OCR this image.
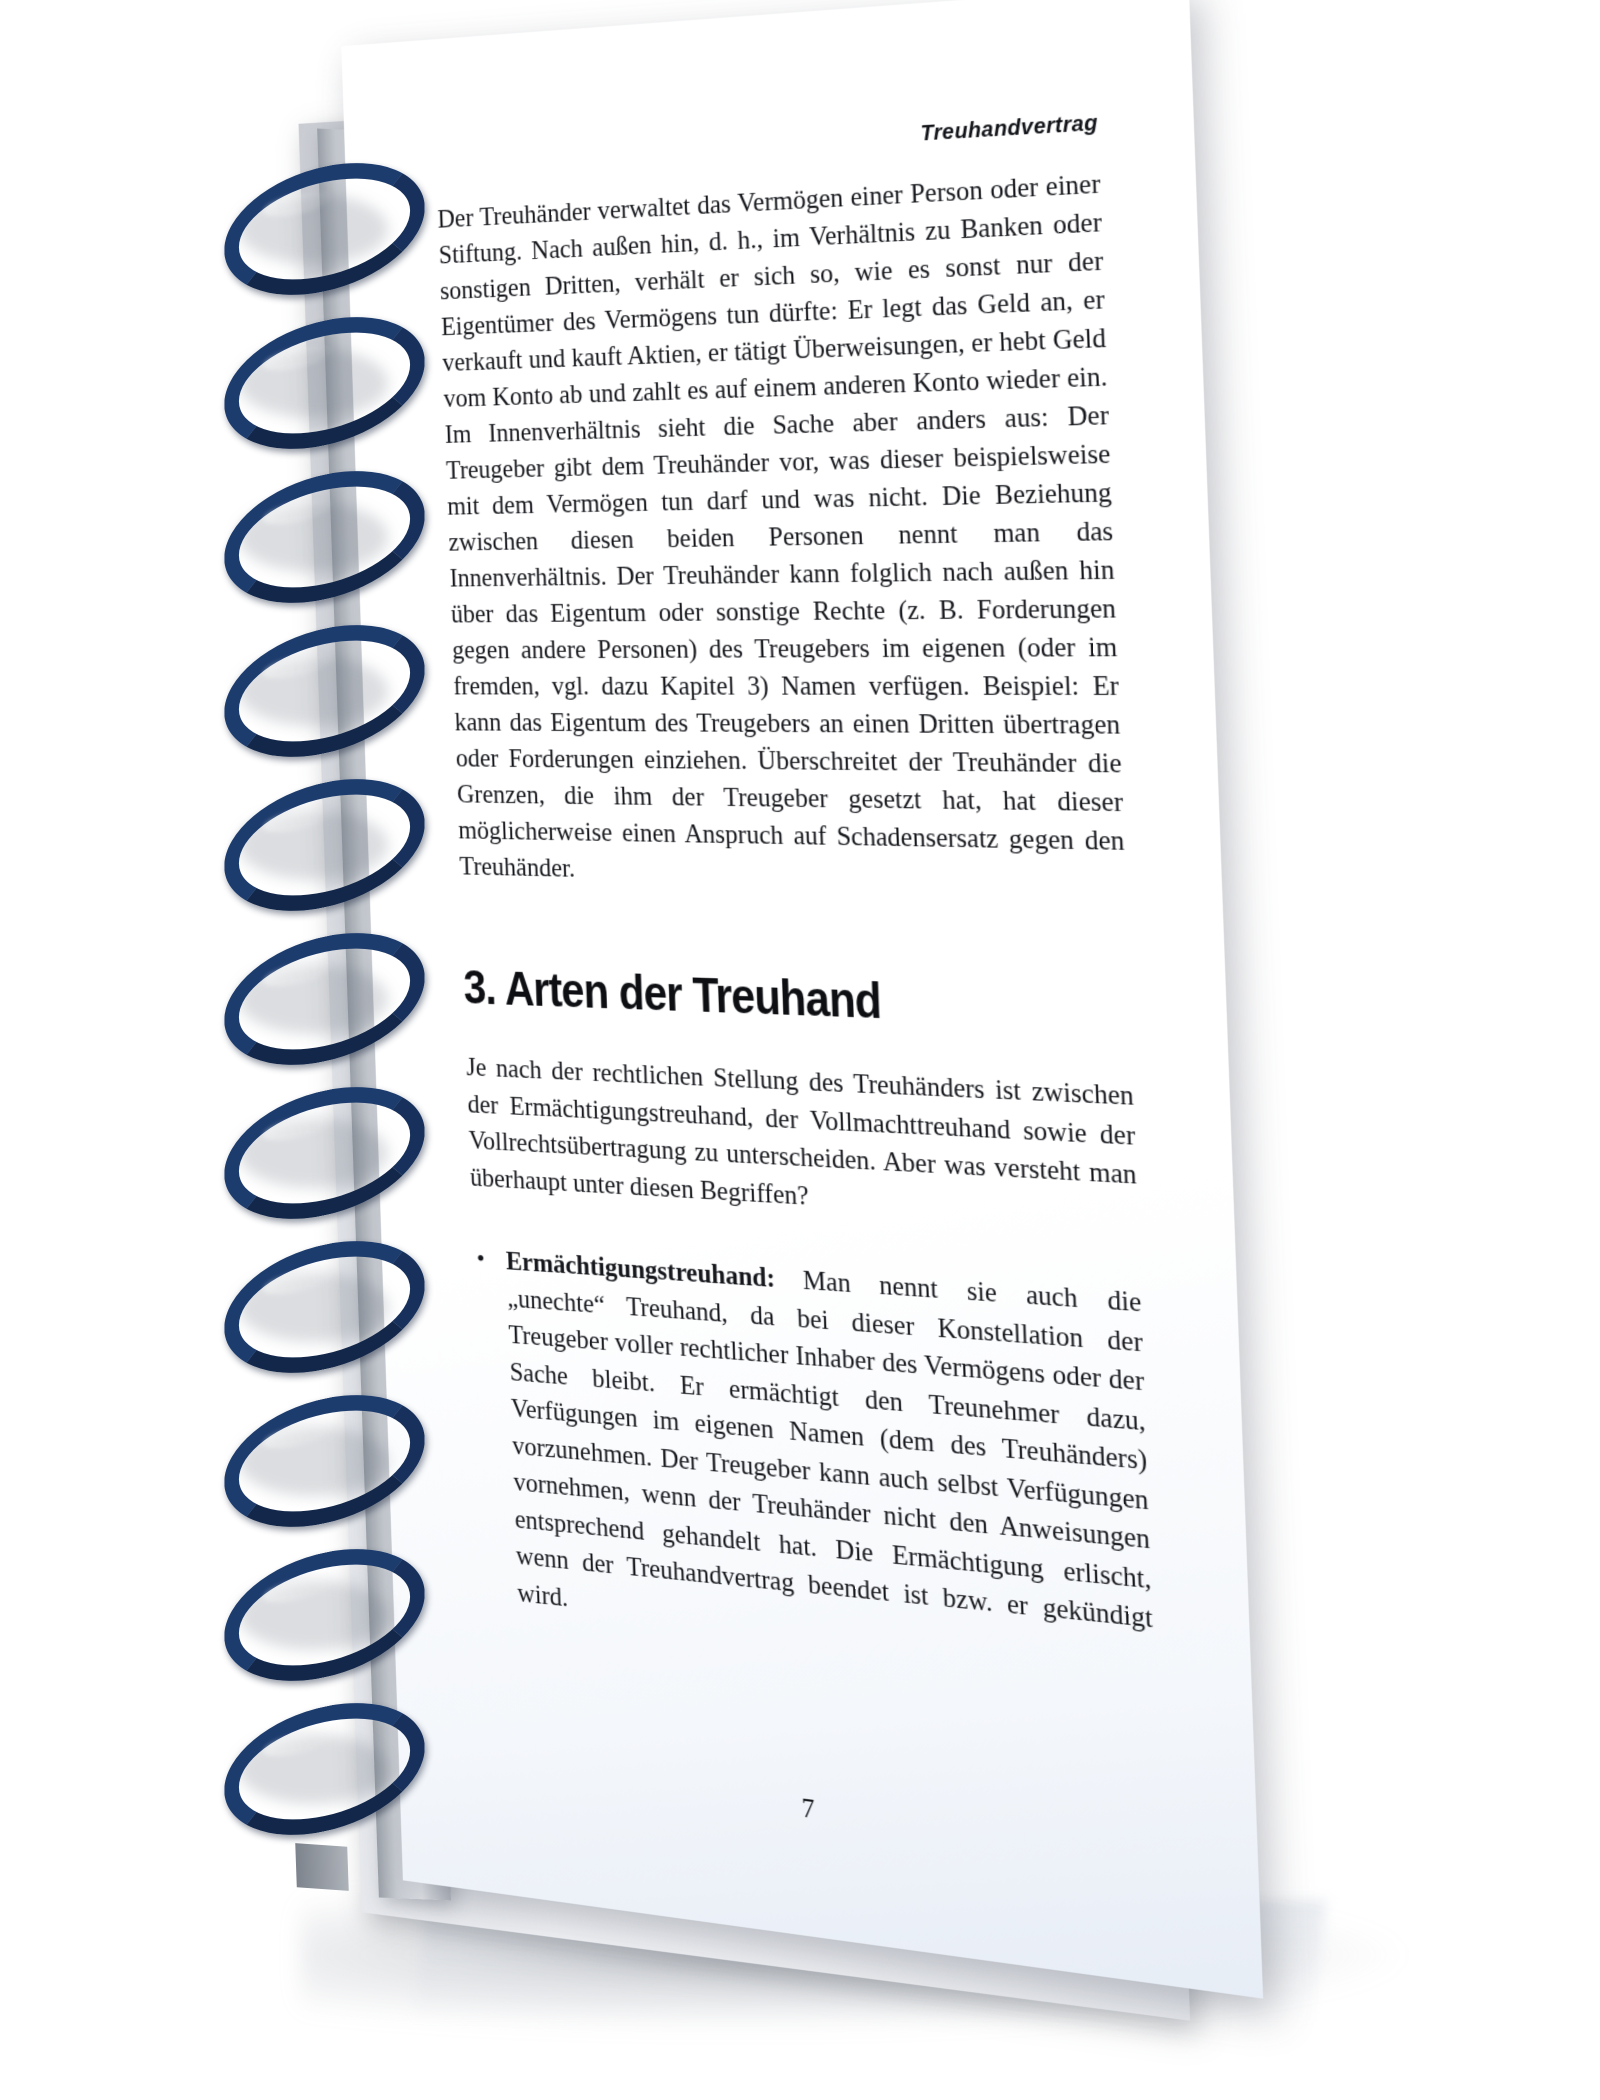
Treuhandvertrag

Der Treuhänder verwaltet das Vermögen einer Person oder einer Stiftung. Nach außen hin, d. h., im Verhältnis zu Banken oder sonstigen Dritten, verhält er sich so, wie es sonst nur der Eigentümer des Vermögens tun dürfte: Er legt das Geld an, er verkauft und kauft Aktien, er tätigt Überweisungen, er hebt Geld vom Konto ab und zahlt es auf einem anderen Konto wieder ein. Im Innenverhältnis sieht die Sache aber anders aus: Der Treugeber gibt dem Treuhänder vor, was dieser beispielsweise mit dem Vermögen tun darf und was nicht. Die Beziehung zwischen diesen beiden Personen nennt man das Innenverhältnis. Der Treuhänder kann folglich nach außen hin über das Eigentum oder sonstige Rechte (z. B. Forderungen gegen andere Personen) des Treugebers im eigenen (oder im fremden, vgl. dazu Kapitel 3) Namen verfügen. Beispiel: Er kann das Eigentum des Treugebers an einen Dritten übertragen oder Forderungen einziehen. Überschreitet der Treuhänder die Grenzen, die ihm der Treugeber gesetzt hat, hat dieser möglicherweise einen Anspruch auf Schadensersatz gegen den Treuhänder.

3. Arten der Treuhand

Je nach der rechtlichen Stellung des Treuhänders ist zwischen der Ermächtigungstreuhand, der Vollmachttreuhand sowie der Vollrechtsübertragung zu unterscheiden. Aber was versteht man überhaupt unter diesen Begriffen?

• Ermächtigungstreuhand: Man nennt sie auch die „unechte“ Treuhand, da bei dieser Konstellation der Treugeber voller rechtlicher Inhaber des Vermögens oder der Sache bleibt. Er ermächtigt den Treunehmer dazu, Verfügungen im eigenen Namen (dem des Treuhänders) vorzunehmen. Der Treugeber kann auch selbst Verfügungen vornehmen, wenn der Treuhänder nicht den Anweisungen entsprechend gehandelt hat. Die Ermächtigung erlischt, wenn der Treuhandvertrag beendet ist bzw. er gekündigt wird.
7
